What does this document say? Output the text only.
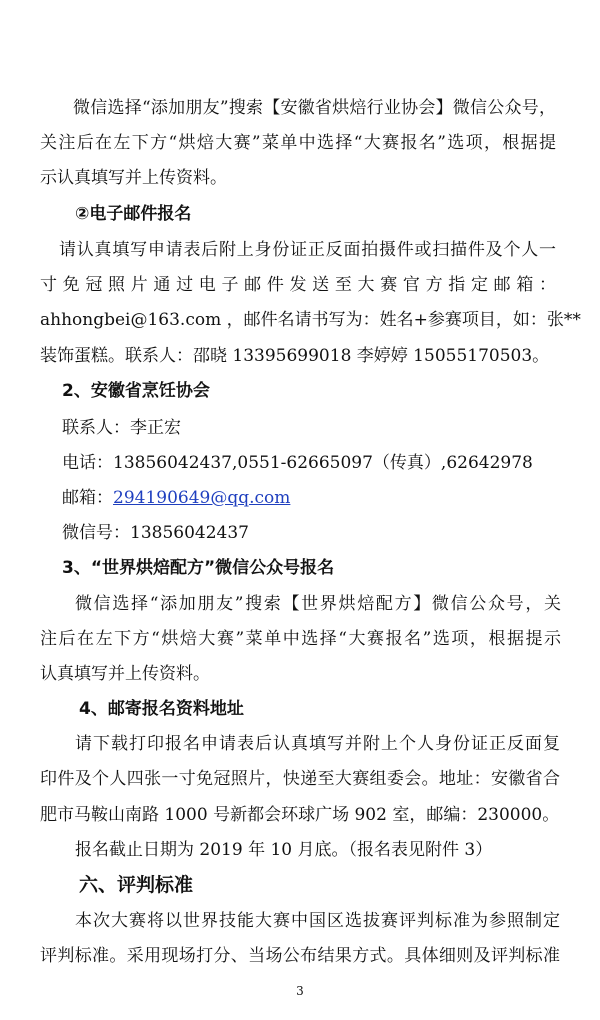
微信选择“添加朋友”搜索【安徽省烘焙行业协会】微信公众号，
关注后在左下方“烘焙大赛”菜单中选择“大赛报名”选项，根据提
示认真填写并上传资料。
②电子邮件报名
请认真填写申请表后附上身份证正反面拍摄件或扫描件及个人一
寸免冠照片通过电子邮件发送至大赛官方指定邮箱：
ahhongbei@163.com ，邮件名请书写为：姓名+参赛项目，如：张**
装饰蛋糕。联系人：邵晓 13395699018 李婷婷 15055170503。
2、安徽省烹饪协会
联系人：李正宏
电话：13856042437,0551-62665097（传真）,62642978
邮箱：294190649@qq.com
微信号：13856042437
3、“世界烘焙配方”微信公众号报名
微信选择“添加朋友”搜索【世界烘焙配方】微信公众号，关
注后在左下方“烘焙大赛”菜单中选择“大赛报名”选项，根据提示
认真填写并上传资料。
4、邮寄报名资料地址
请下载打印报名申请表后认真填写并附上个人身份证正反面复
印件及个人四张一寸免冠照片，快递至大赛组委会。地址：安徽省合
肥市马鞍山南路 1000 号新都会环球广场 902 室，邮编：230000。
报名截止日期为 2019 年 10 月底。（报名表见附件 3）
六、评判标准
本次大赛将以世界技能大赛中国区选拔赛评判标准为参照制定
评判标准。采用现场打分、当场公布结果方式。具体细则及评判标准
3
